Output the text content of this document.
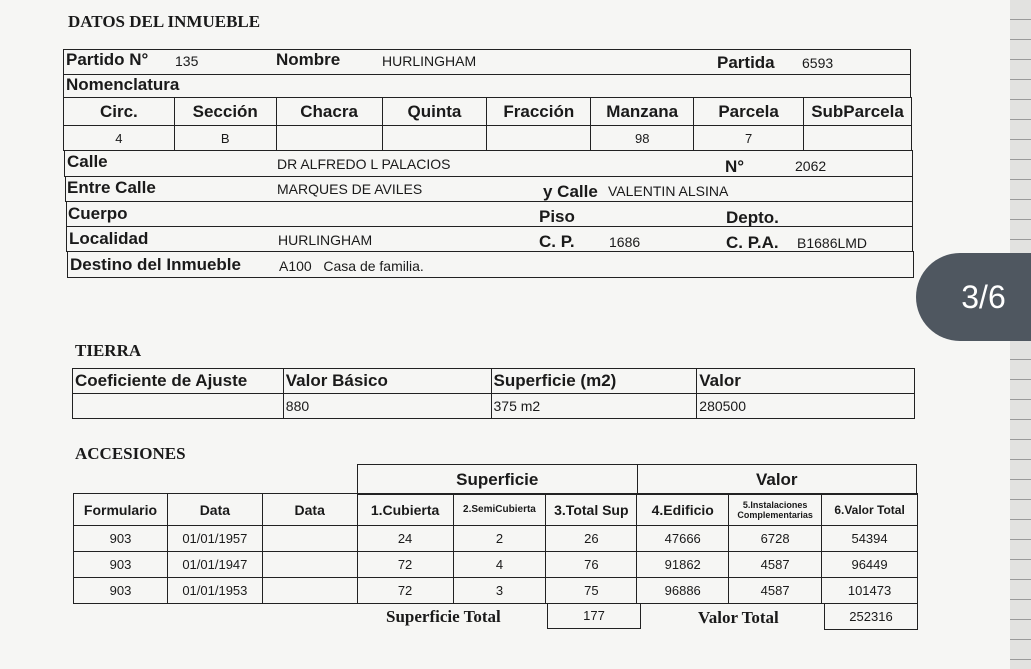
DATOS DEL INMUEBLE
Partido N° 135	Nombre	HURLINGHAM	Partida 6593
Nomenclatura
Circ.	Sección	Chacra	Quinta	Fracción	Manzana	Parcela	SubParcela
4	B				98	7	
Calle	DR ALFREDO L PALACIOS	N°	2062
Entre Calle	MARQUES DE AVILES	y Calle VALENTIN ALSINA
Cuerpo	Piso	Depto.
Localidad	HURLINGHAM	C. P. 1686	C. P.A. B1686LMD
Destino del Inmueble	A100   Casa de familia.
TIERRA
Coeficiente de Ajuste	Valor Básico	Superficie (m2)	Valor
	880	375 m2	280500
ACCESIONES
Superficie	Valor
Formulario	Data	Data	1.Cubierta	2.SemiCubierta	3.Total Sup	4.Edificio	5.Instalaciones Complementarias	6.Valor Total
903	01/01/1957		24	2	26	47666	6728	54394
903	01/01/1947		72	4	76	91862	4587	96449
903	01/01/1953		72	3	75	96886	4587	101473
Superficie Total	177	Valor Total	252316
3/6
